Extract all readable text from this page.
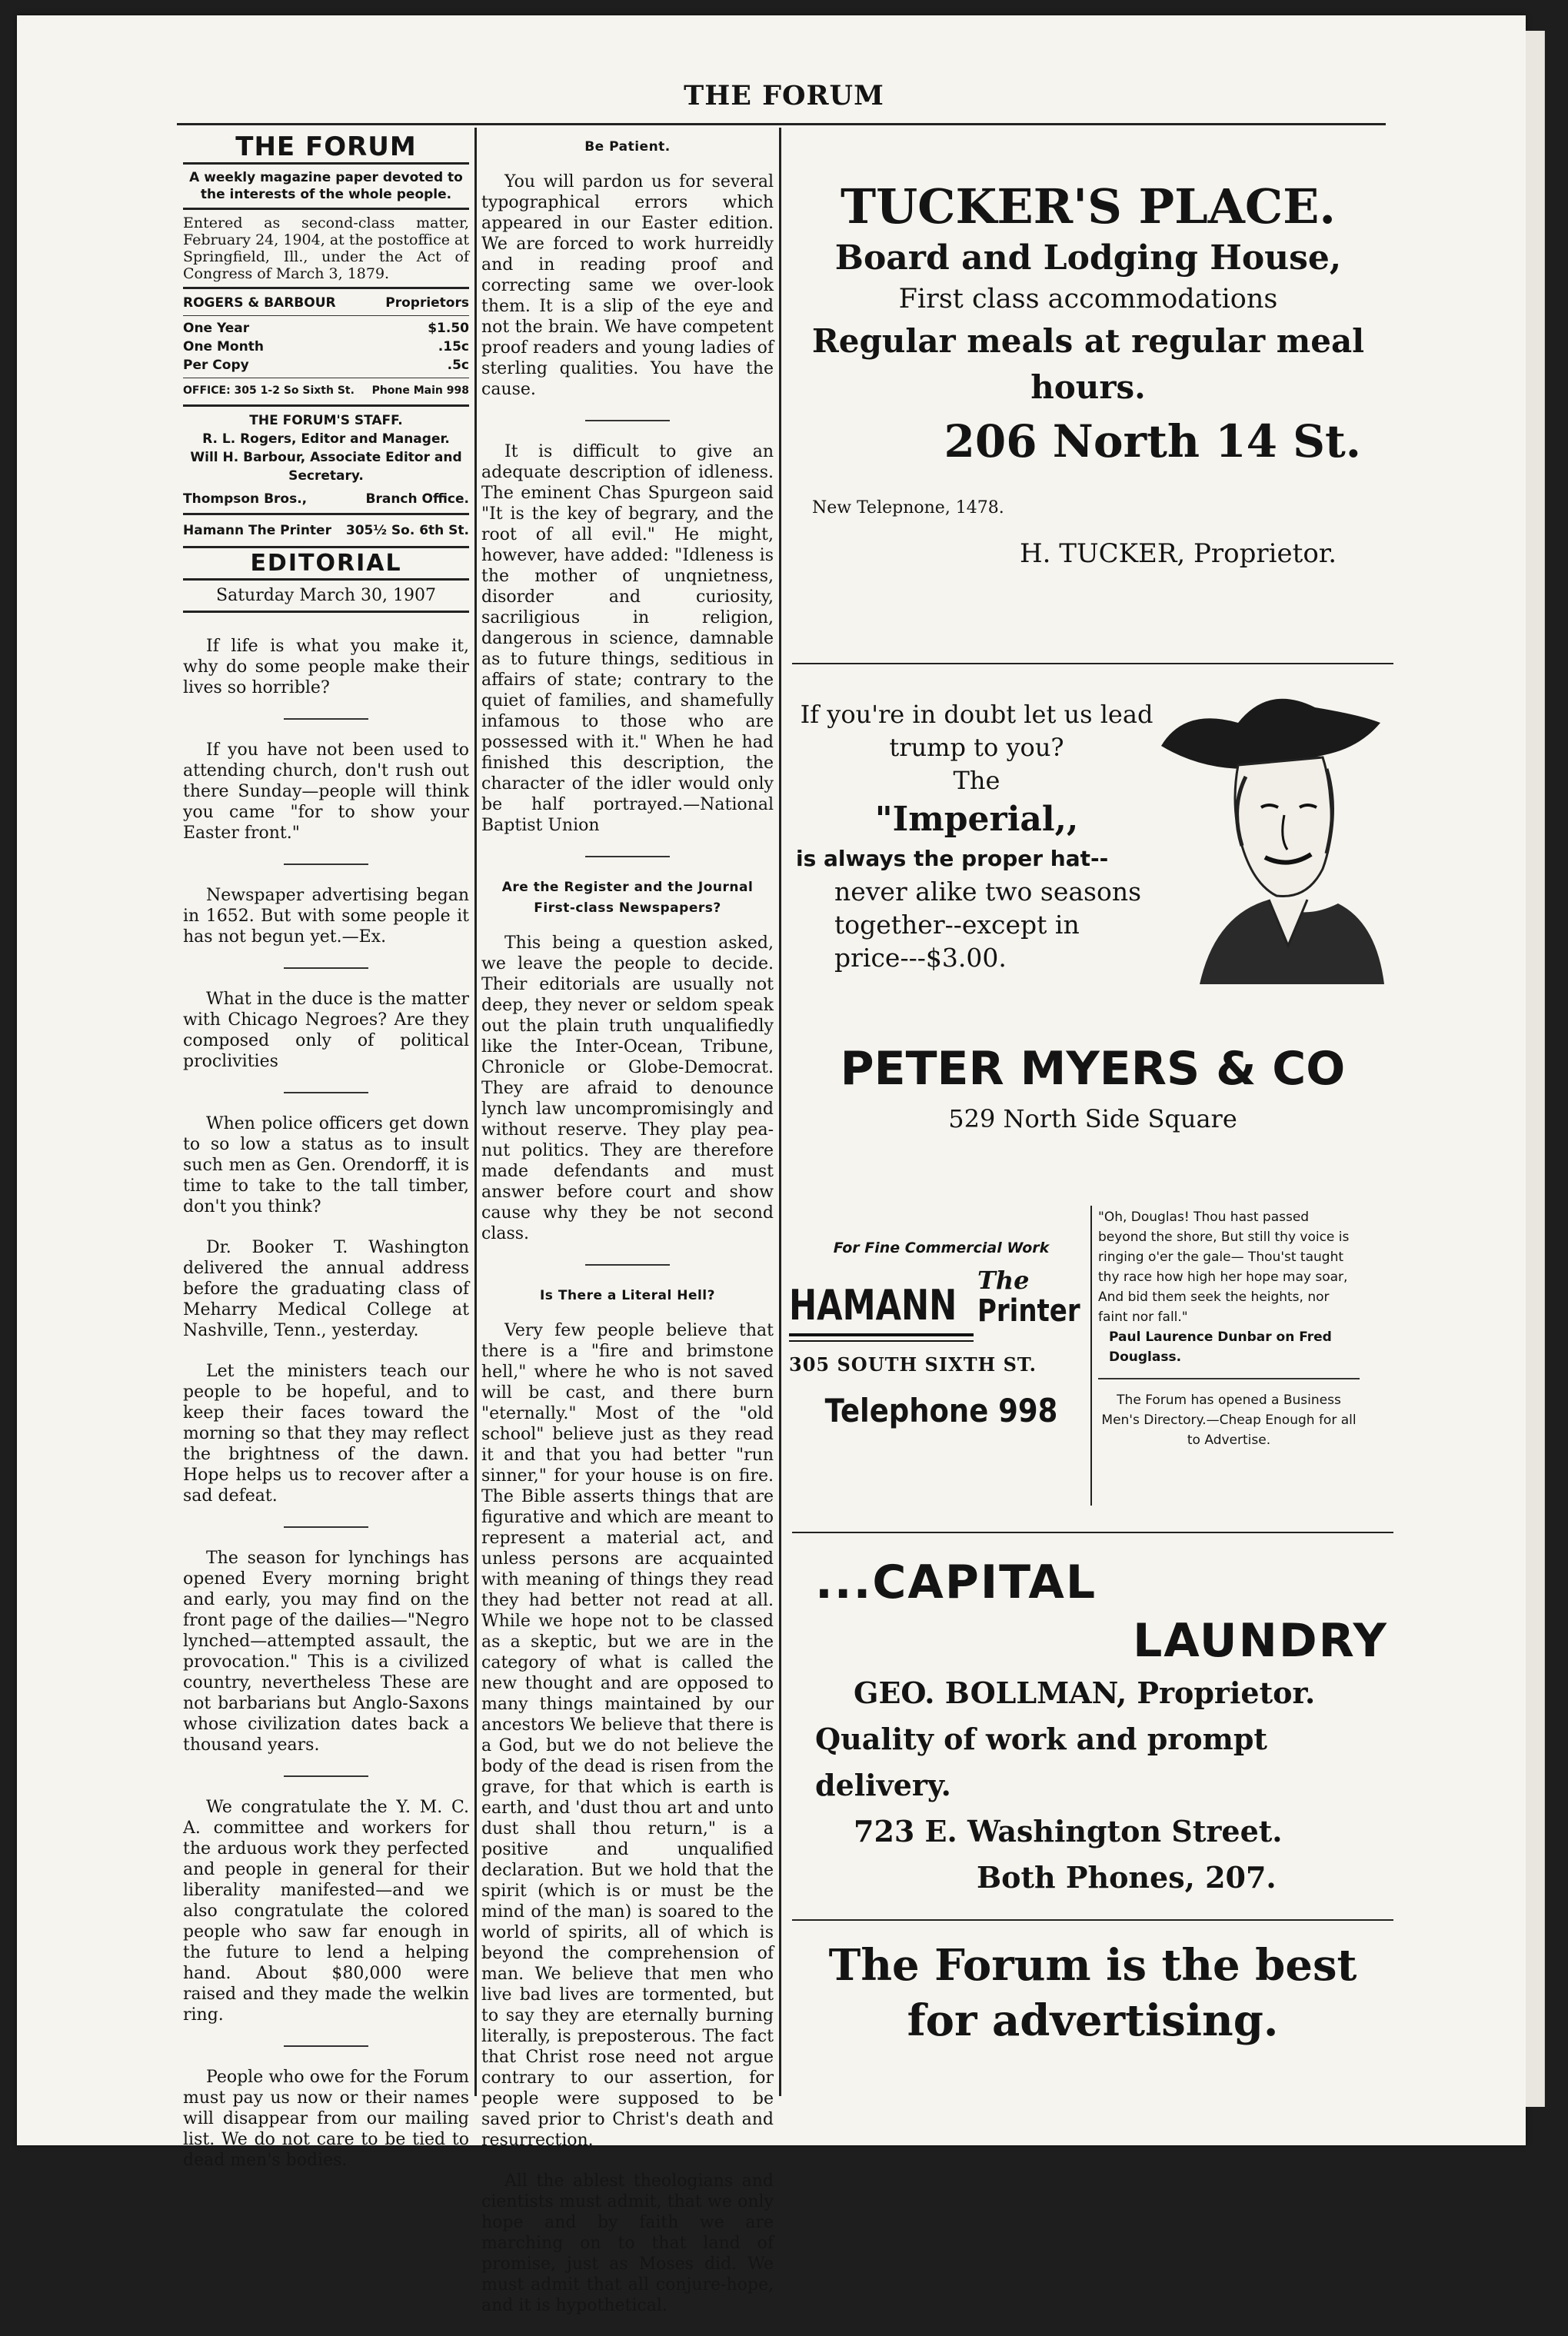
THE FORUM
THE FORUM
A weekly magazine paper devoted to the interests of the whole people.
Entered as second-class matter, February 24, 1904, at the postoffice at Springfield, Ill., under the Act of Congress of March 3, 1879.
ROGERS & BARBOUR	Proprietors
One Year	$1.50
One Month	.15c
Per Copy	.5c
OFFICE: 305 1-2 So Sixth St. Phone Main 998
THE FORUM'S STAFF.
R. L. Rogers, Editor and Manager.
Will H. Barbour, Associate Editor and Secretary.
Thompson Bros.,	Branch Office.
Hamann The Printer 305½ So. 6th St.
EDITORIAL
Saturday March 30, 1907

If life is what you make it, why do some people make their lives so horrible?

If you have not been used to attending church, don't rush out there Sunday—people will think you came "for to show your Easter front."

Newspaper advertising began in 1652. But with some people it has not begun yet.—Ex.

What in the duce is the matter with Chicago Negroes? Are they composed only of political proclivities

When police officers get down to so low a status as to insult such men as Gen. Orendorff, it is time to take to the tall timber, don't you think?

Dr. Booker T. Washington delivered the annual address before the graduating class of Meharry Medical College at Nashville, Tenn., yesterday.

Let the ministers teach our people to be hopeful, and to keep their faces toward the morning so that they may reflect the brightness of the dawn. Hope helps us to recover after a sad defeat.

The season for lynchings has opened Every morning bright and early, you may find on the front page of the dailies—"Negro lynched—attempted assault, the provocation." This is a civilized country, nevertheless These are not barbarians but Anglo-Saxons whose civilization dates back a thousand years.

We congratulate the Y. M. C. A. committee and workers for the arduous work they perfected and people in general for their liberality manifested—and we also congratulate the colored people who saw far enough in the future to lend a helping hand. About $80,000 were raised and they made the welkin ring.

People who owe for the Forum must pay us now or their names will disappear from our mailing list. We do not care to be tied to dead men's bodies.

Be Patient.

You will pardon us for several typographical errors which appeared in our Easter edition. We are forced to work hurreidly and in reading proof and correcting same we over-look them. It is a slip of the eye and not the brain. We have competent proof readers and young ladies of sterling qualities. You have the cause.

It is difficult to give an adequate description of idleness. The eminent Chas Spurgeon said "It is the key of begrary, and the root of all evil." He might, however, have added: "Idleness is the mother of unqnietness, disorder and curiosity, sacriligious in religion, dangerous in science, damnable as to future things, seditious in affairs of state; contrary to the quiet of families, and shamefully infamous to those who are possessed with it." When he had finished this description, the character of the idler would only be half portrayed.—National Baptist Union

Are the Register and the Journal First-class Newspapers?

This being a question asked, we leave the people to decide. Their editorials are usually not deep, they never or seldom speak out the plain truth unqualifiedly like the Inter-Ocean, Tribune, Chronicle or Globe-Democrat. They are afraid to denounce lynch law uncompromisingly and without reserve. They play pea-nut politics. They are therefore made defendants and must answer before court and show cause why they be not second class.

Is There a Literal Hell?

Very few people believe that there is a "fire and brimstone hell," where he who is not saved will be cast, and there burn "eternally." Most of the "old school" believe just as they read it and that you had better "run sinner," for your house is on fire. The Bible asserts things that are figurative and which are meant to represent a material act, and unless persons are acquainted with meaning of things they read they had better not read at all. While we hope not to be classed as a skeptic, but we are in the category of what is called the new thought and are opposed to many things maintained by our ancestors We believe that there is a God, but we do not believe the body of the dead is risen from the grave, for that which is earth is earth, and 'dust thou art and unto dust shall thou return," is a positive and unqualified declaration. But we hold that the spirit (which is or must be the mind of the man) is soared to the world of spirits, all of which is beyond the comprehension of man. We believe that men who live bad lives are tormented, but to say they are eternally burning literally, is preposterous. The fact that Christ rose need not argue contrary to our assertion, for people were supposed to be saved prior to Christ's death and resurrection.

All the ablest theologians and cientists must admit, that we only hope and by faith we are marching on to that land of promise, just as Moses did. We must admit that all conjure-hope, and it is hypothetical.

TUCKER'S PLACE.
Board and Lodging House,
First class accommodations
Regular meals at regular meal hours.
206 North 14 St.
New Telepnone, 1478.
H. TUCKER, Proprietor.
If you're in doubt let us lead trump to you?
The
"Imperial,,
is always the proper hat--
never alike two seasons together--except in price---$3.00.
PETER MYERS & CO
529 North Side Square
For Fine Commercial Work
HAMANN
The
Printer
305 SOUTH SIXTH ST.
Telephone 998
"Oh, Douglas! Thou hast passed beyond the shore, But still thy voice is ringing o'er the gale— Thou'st taught thy race how high her hope may soar, And bid them seek the heights, nor faint nor fall."
Paul Laurence Dunbar on Fred Douglass.
The Forum has opened a Business Men's Directory.—Cheap Enough for all to Advertise.
...CAPITAL
LAUNDRY
GEO. BOLLMAN, Proprietor.
Quality of work and prompt delivery.
723 E. Washington Street.
Both Phones, 207.
The Forum is the best for advertising.
